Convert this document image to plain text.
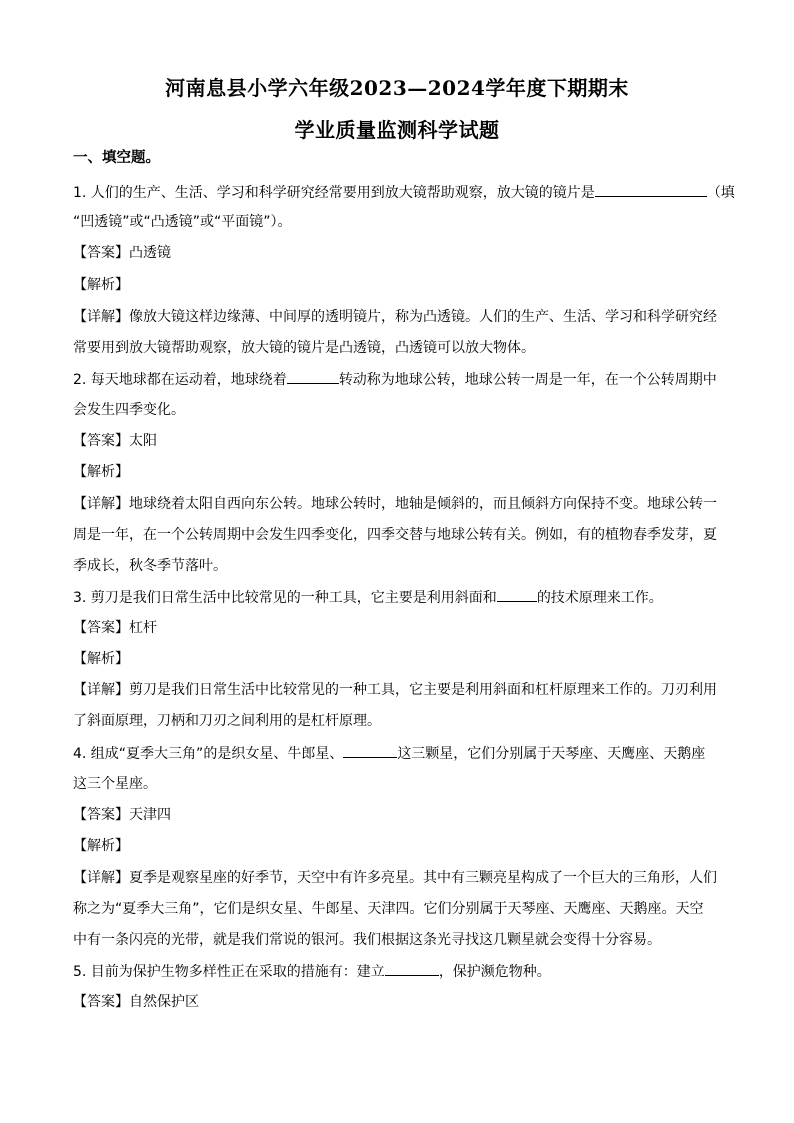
河南息县小学六年级2023—2024学年度下期期末
学业质量监测科学试题
一、填空题。
1. 人们的生产、生活、学习和科学研究经常要用到放大镜帮助观察，放大镜的镜片是	（填
“凹透镜”或“凸透镜”或“平面镜”）。
【答案】凸透镜
【解析】
【详解】像放大镜这样边缘薄、中间厚的透明镜片，称为凸透镜。人们的生产、生活、学习和科学研究经
常要用到放大镜帮助观察，放大镜的镜片是凸透镜，凸透镜可以放大物体。
2. 每天地球都在运动着，地球绕着	转动称为地球公转，地球公转一周是一年，在一个公转周期中
会发生四季变化。
【答案】太阳
【解析】
【详解】地球绕着太阳自西向东公转。地球公转时，地轴是倾斜的，而且倾斜方向保持不变。地球公转一
周是一年，在一个公转周期中会发生四季变化，四季交替与地球公转有关。例如，有的植物春季发芽，夏
季成长，秋冬季节落叶。
3. 剪刀是我们日常生活中比较常见的一种工具，它主要是利用斜面和	的技术原理来工作。
【答案】杠杆
【解析】
【详解】剪刀是我们日常生活中比较常见的一种工具，它主要是利用斜面和杠杆原理来工作的。刀刃利用
了斜面原理，刀柄和刀刃之间利用的是杠杆原理。
4. 组成“夏季大三角”的是织女星、牛郎星、	这三颗星，它们分别属于天琴座、天鹰座、天鹅座
这三个星座。
【答案】天津四
【解析】
【详解】夏季是观察星座的好季节，天空中有许多亮星。其中有三颗亮星构成了一个巨大的三角形，人们
称之为“夏季大三角”，它们是织女星、牛郎星、天津四。它们分别属于天琴座、天鹰座、天鹅座。天空
中有一条闪亮的光带，就是我们常说的银河。我们根据这条光寻找这几颗星就会变得十分容易。
5. 目前为保护生物多样性正在采取的措施有：建立	，保护濒危物种。
【答案】自然保护区
